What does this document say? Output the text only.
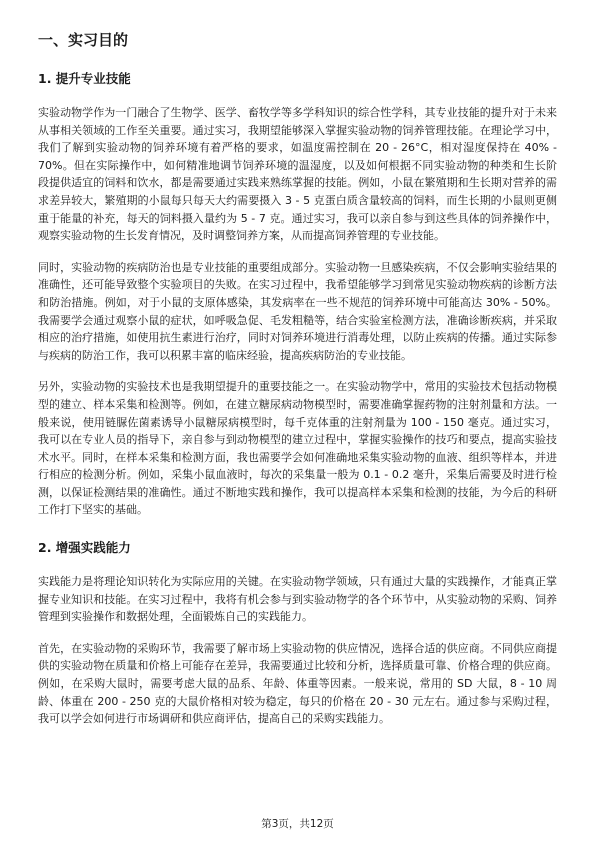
一、实习目的
1. 提升专业技能

实验动物学作为一门融合了生物学、医学、畜牧学等多学科知识的综合性学科，其专业技能的提升对于未来从事相关领域的工作至关重要。通过实习，我期望能够深入掌握实验动物的饲养管理技能。在理论学习中，我们了解到实验动物的饲养环境有着严格的要求，如温度需控制在 20 - 26°C，相对湿度保持在 40% - 70%。但在实际操作中，如何精准地调节饲养环境的温湿度，以及如何根据不同实验动物的种类和生长阶段提供适宜的饲料和饮水，都是需要通过实践来熟练掌握的技能。例如，小鼠在繁殖期和生长期对营养的需求差异较大，繁殖期的小鼠每只每天大约需要摄入 3 - 5 克蛋白质含量较高的饲料，而生长期的小鼠则更侧重于能量的补充，每天的饲料摄入量约为 5 - 7 克。通过实习，我可以亲自参与到这些具体的饲养操作中，观察实验动物的生长发育情况，及时调整饲养方案，从而提高饲养管理的专业技能。

同时，实验动物的疾病防治也是专业技能的重要组成部分。实验动物一旦感染疾病，不仅会影响实验结果的准确性，还可能导致整个实验项目的失败。在实习过程中，我希望能够学习到常见实验动物疾病的诊断方法和防治措施。例如，对于小鼠的支原体感染，其发病率在一些不规范的饲养环境中可能高达 30% - 50%。我需要学会通过观察小鼠的症状，如呼吸急促、毛发粗糙等，结合实验室检测方法，准确诊断疾病，并采取相应的治疗措施，如使用抗生素进行治疗，同时对饲养环境进行消毒处理，以防止疾病的传播。通过实际参与疾病的防治工作，我可以积累丰富的临床经验，提高疾病防治的专业技能。

另外，实验动物的实验技术也是我期望提升的重要技能之一。在实验动物学中，常用的实验技术包括动物模型的建立、样本采集和检测等。例如，在建立糖尿病动物模型时，需要准确掌握药物的注射剂量和方法。一般来说，使用链脲佐菌素诱导小鼠糖尿病模型时，每千克体重的注射剂量为 100 - 150 毫克。通过实习，我可以在专业人员的指导下，亲自参与到动物模型的建立过程中，掌握实验操作的技巧和要点，提高实验技术水平。同时，在样本采集和检测方面，我也需要学会如何准确地采集实验动物的血液、组织等样本，并进行相应的检测分析。例如，采集小鼠血液时，每次的采集量一般为 0.1 - 0.2 毫升，采集后需要及时进行检测，以保证检测结果的准确性。通过不断地实践和操作，我可以提高样本采集和检测的技能，为今后的科研工作打下坚实的基础。

2. 增强实践能力

实践能力是将理论知识转化为实际应用的关键。在实验动物学领域，只有通过大量的实践操作，才能真正掌握专业知识和技能。在实习过程中，我将有机会参与到实验动物学的各个环节中，从实验动物的采购、饲养管理到实验操作和数据处理，全面锻炼自己的实践能力。

首先，在实验动物的采购环节，我需要了解市场上实验动物的供应情况，选择合适的供应商。不同供应商提供的实验动物在质量和价格上可能存在差异，我需要通过比较和分析，选择质量可靠、价格合理的供应商。例如，在采购大鼠时，需要考虑大鼠的品系、年龄、体重等因素。一般来说，常用的 SD 大鼠，8 - 10 周龄、体重在 200 - 250 克的大鼠价格相对较为稳定，每只的价格在 20 - 30 元左右。通过参与采购过程，我可以学会如何进行市场调研和供应商评估，提高自己的采购实践能力。

第3页，共12页
